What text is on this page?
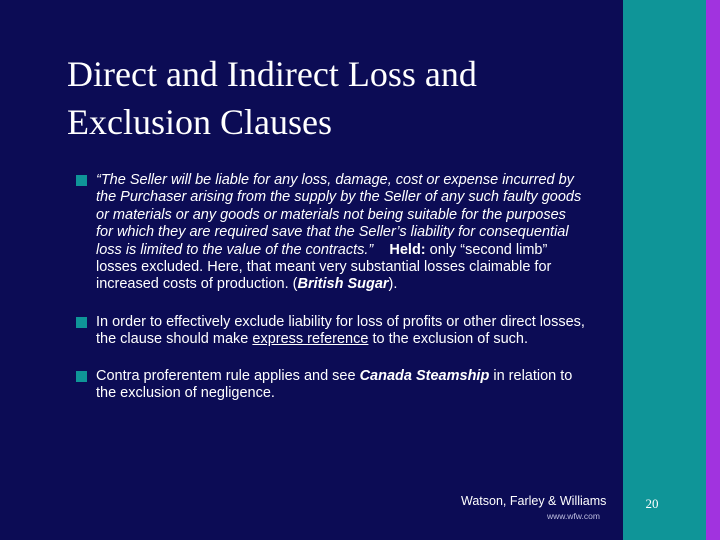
Direct and Indirect Loss and Exclusion Clauses
“The Seller will be liable for any loss, damage, cost or expense incurred by the Purchaser arising from the supply by the Seller of any such faulty goods or materials or any goods or materials not being suitable for the purposes for which they are required save that the Seller’s liability for consequential loss is limited to the value of the contracts.” Held: only “second limb” losses excluded. Here, that meant very substantial losses claimable for increased costs of production. (British Sugar).
In order to effectively exclude liability for loss of profits or other direct losses, the clause should make express reference to the exclusion of such.
Contra proferentem rule applies and see Canada Steamship in relation to the exclusion of negligence.
Watson, Farley & Williams
www.wfw.com
20
